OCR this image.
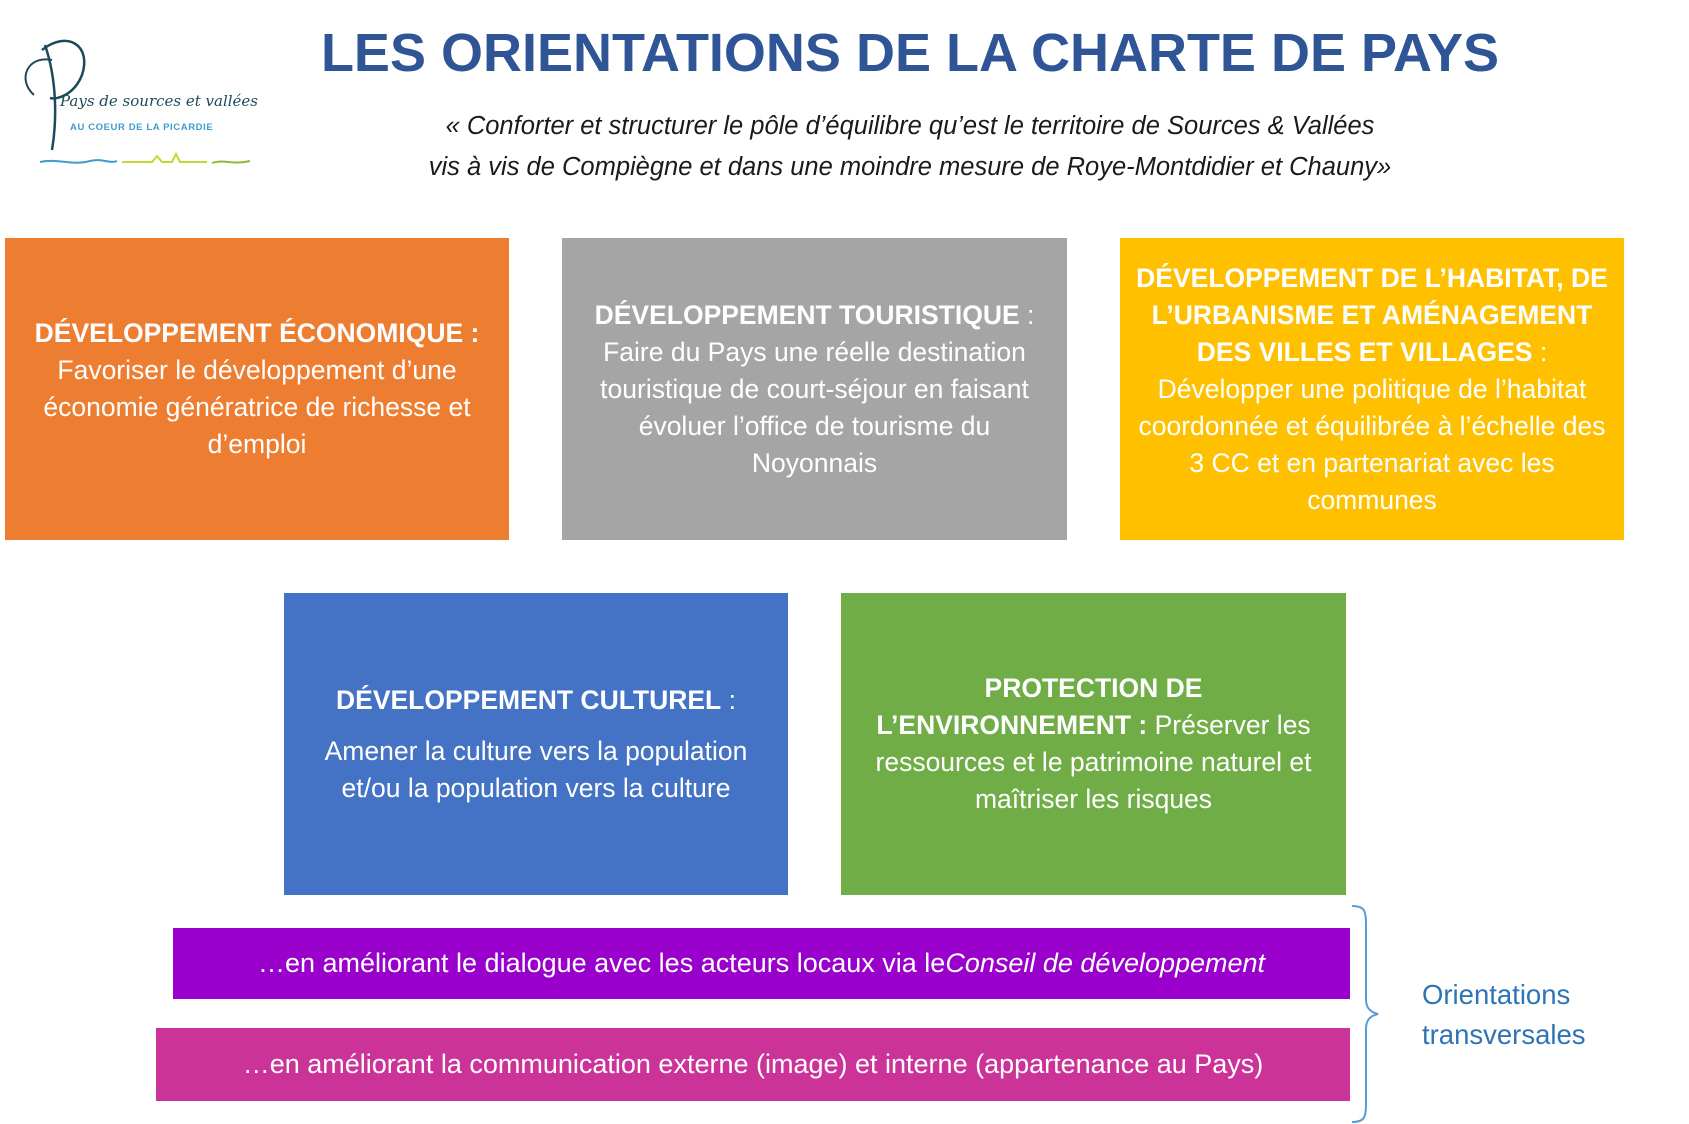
Pays de sources et vallées
AU COEUR DE LA PICARDIE
LES ORIENTATIONS DE LA CHARTE DE PAYS
« Conforter et structurer le pôle d’équilibre qu’est le territoire de Sources & Vallées
vis à vis de Compiègne et dans une moindre mesure de Roye-Montdidier et Chauny»
DÉVELOPPEMENT ÉCONOMIQUE :
Favoriser le développement d’une économie génératrice de richesse et d’emploi
DÉVELOPPEMENT TOURISTIQUE :
Faire du Pays une réelle destination touristique de court-séjour en faisant évoluer l’office de tourisme du Noyonnais
DÉVELOPPEMENT DE L’HABITAT, DE L’URBANISME ET AMÉNAGEMENT DES VILLES ET VILLAGES : Développer une politique de l’habitat coordonnée et équilibrée à l’échelle des 3 CC et en partenariat avec les communes
DÉVELOPPEMENT CULTUREL :
Amener la culture vers la population et/ou la population vers la culture
PROTECTION DE L’ENVIRONNEMENT : Préserver les ressources et le patrimoine naturel et maîtriser les risques
…en améliorant le dialogue avec les acteurs locaux via le Conseil de développement
…en améliorant la communication externe (image) et interne (appartenance au Pays)
Orientations
transversales
